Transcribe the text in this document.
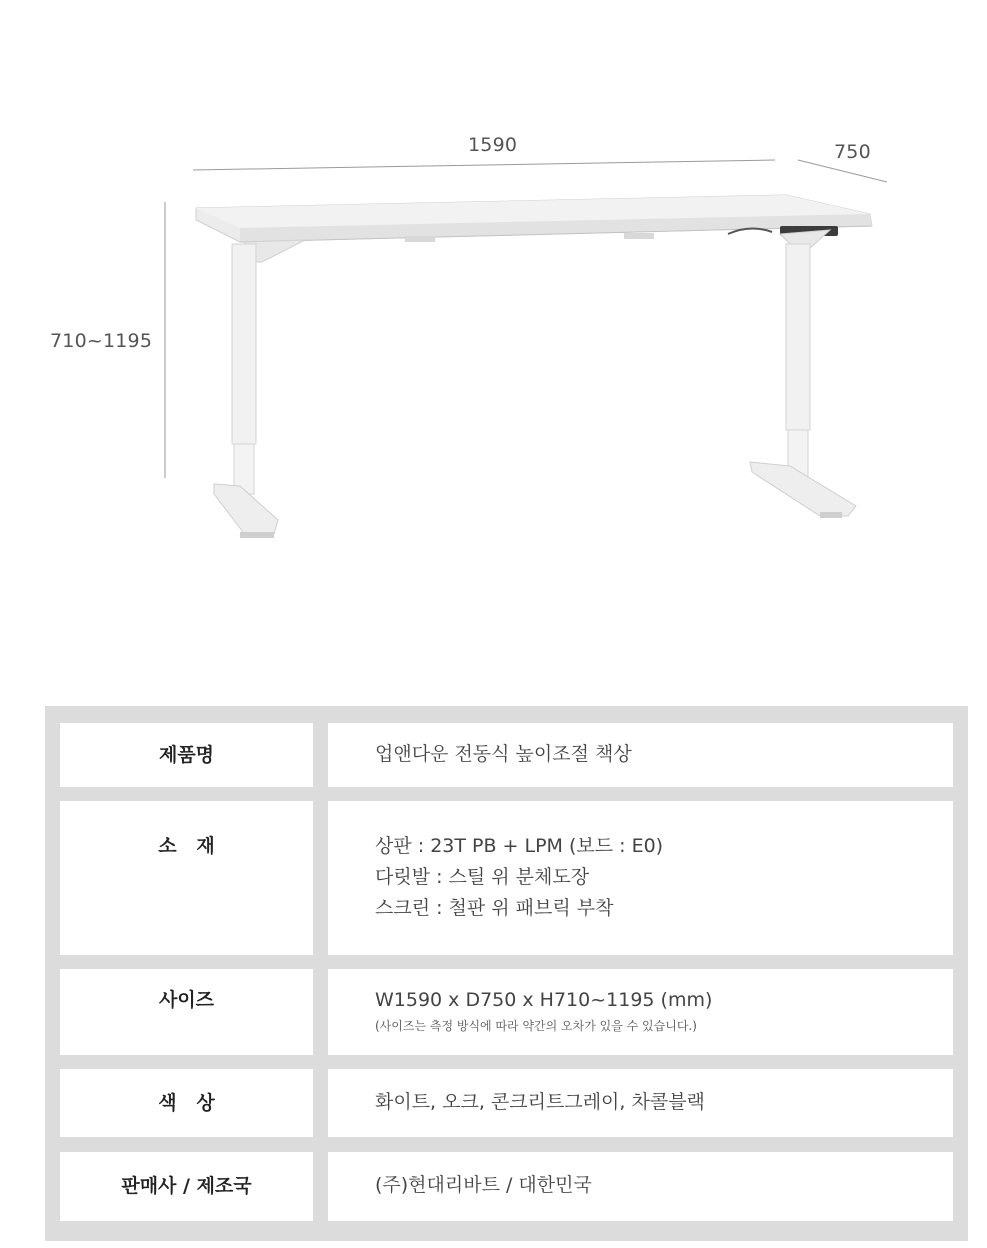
1590	750
710~1195
제품명	업앤다운 전동식 높이조절 책상
소   재	상판 : 23T PB + LPM (보드 : E0)
다릿발 : 스틸 위 분체도장
스크린 : 철판 위 패브릭 부착
사이즈	W1590 x D750 x H710~1195 (mm)
(사이즈는 측정 방식에 따라 약간의 오차가 있을 수 있습니다.)
색   상	화이트, 오크, 콘크리트그레이, 차콜블랙
판매사 / 제조국	(주)현대리바트 / 대한민국
